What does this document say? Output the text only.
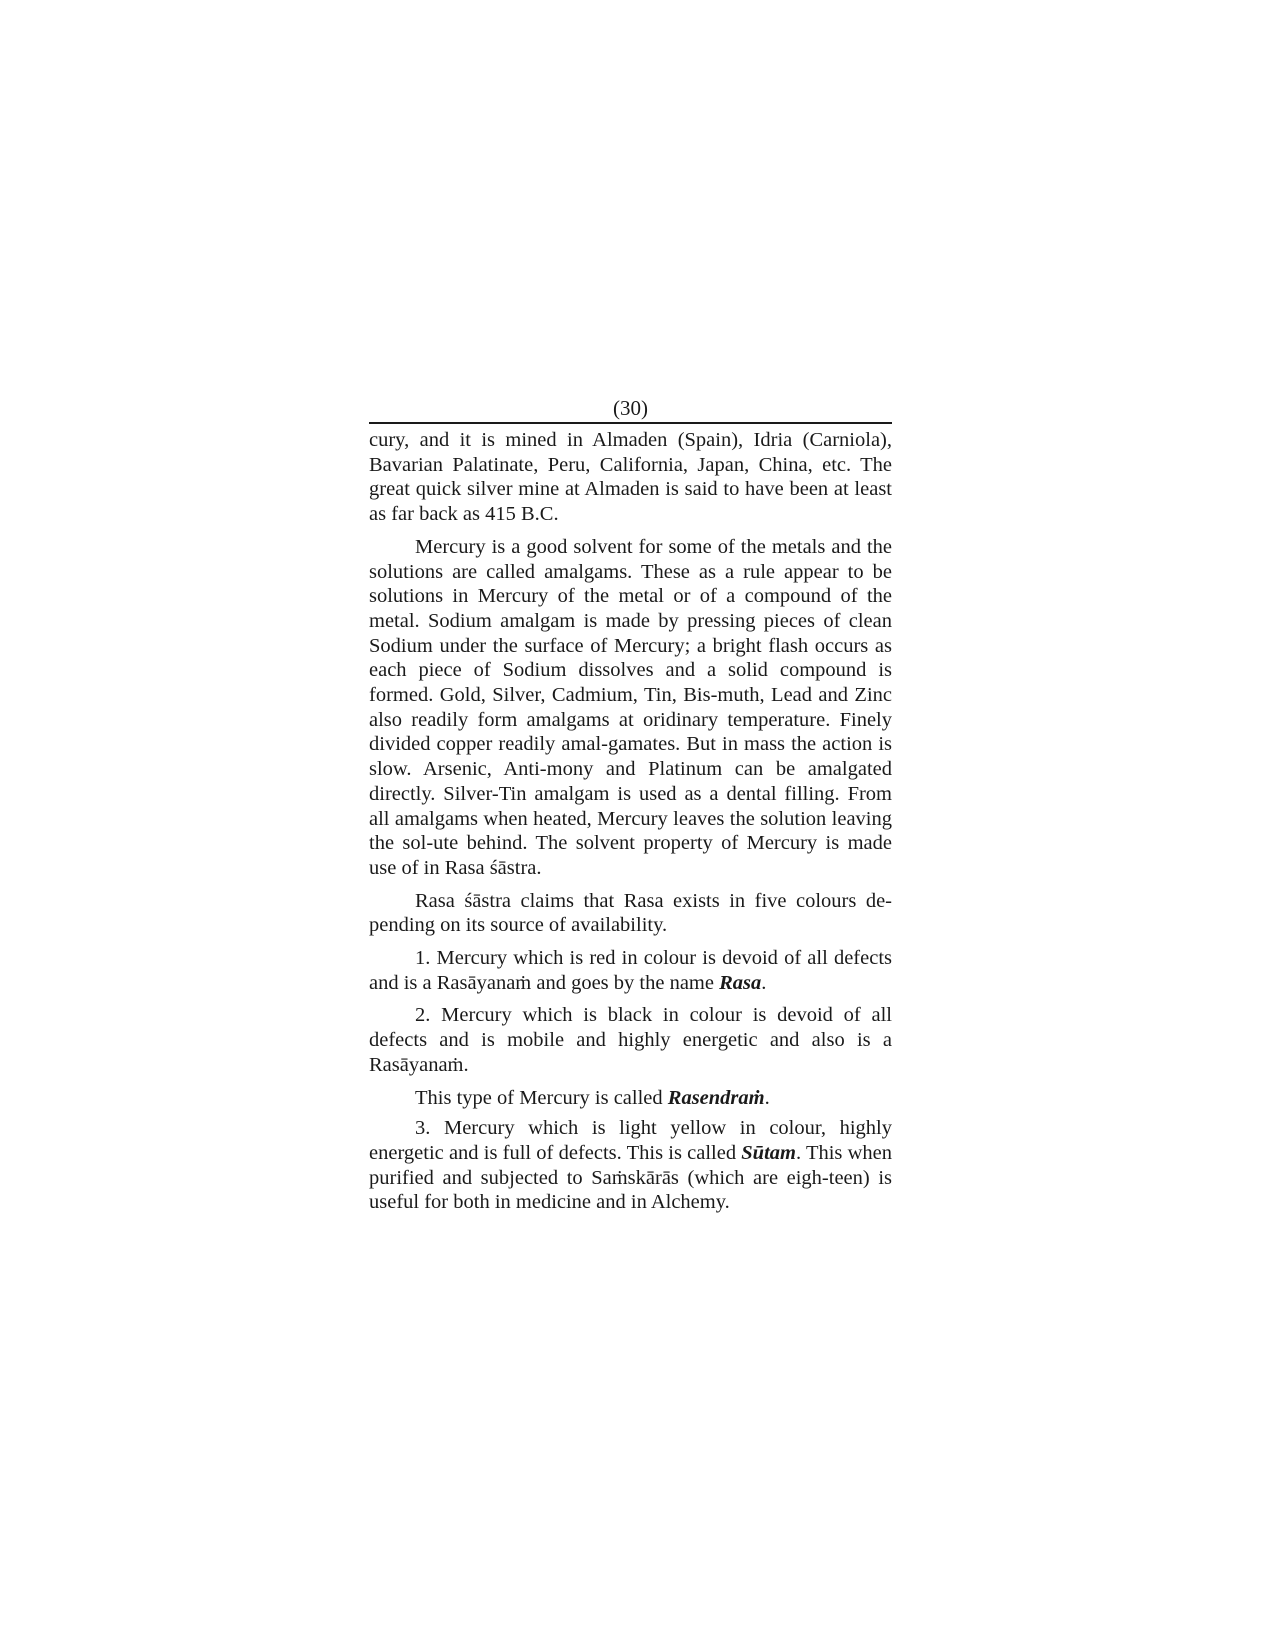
(30)

cury, and it is mined in Almaden (Spain), Idria (Carniola), Bavarian Palatinate, Peru, California, Japan, China, etc. The great quick silver mine at Almaden is said to have been at least as far back as 415 B.C.

Mercury is a good solvent for some of the metals and the solutions are called amalgams. These as a rule appear to be solutions in Mercury of the metal or of a compound of the metal. Sodium amalgam is made by pressing pieces of clean Sodium under the surface of Mercury; a bright flash occurs as each piece of Sodium dissolves and a solid compound is formed. Gold, Silver, Cadmium, Tin, Bis-muth, Lead and Zinc also readily form amalgams at oridinary temperature. Finely divided copper readily amal-gamates. But in mass the action is slow. Arsenic, Anti-mony and Platinum can be amalgated directly. Silver-Tin amalgam is used as a dental filling. From all amalgams when heated, Mercury leaves the solution leaving the sol-ute behind. The solvent property of Mercury is made use of in Rasa śāstra.

Rasa śāstra claims that Rasa exists in five colours de-pending on its source of availability.

1. Mercury which is red in colour is devoid of all defects and is a Rasāyanaṁ and goes by the name Rasa.

2. Mercury which is black in colour is devoid of all defects and is mobile and highly energetic and also is a Rasāyanaṁ.

This type of Mercury is called Rasendraṁ.

3. Mercury which is light yellow in colour, highly energetic and is full of defects. This is called Sūtam. This when purified and subjected to Saṁskārās (which are eigh-teen) is useful for both in medicine and in Alchemy.
